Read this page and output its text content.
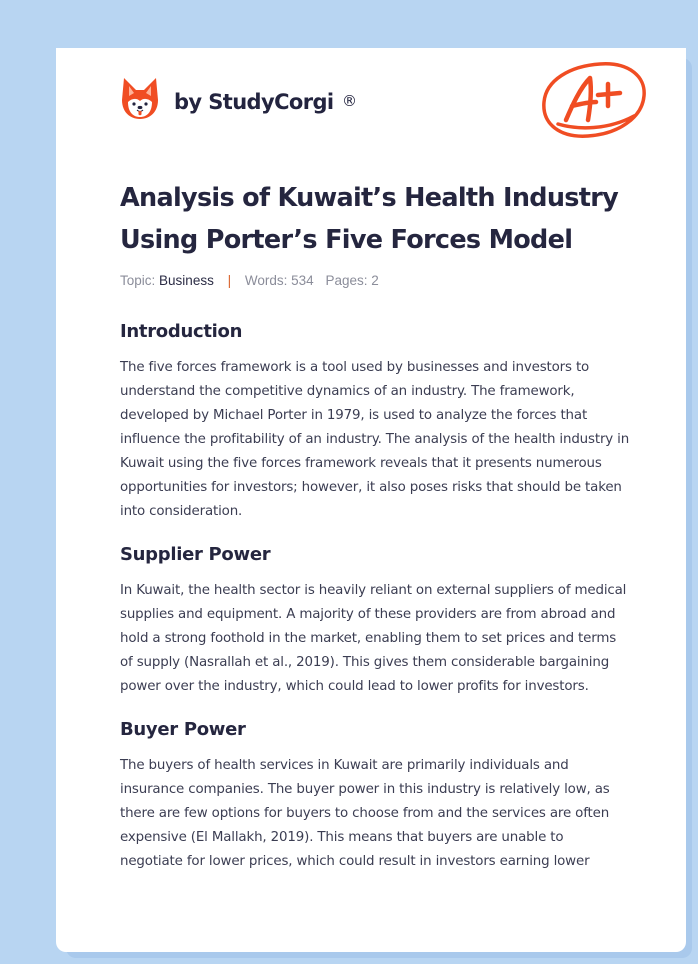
by StudyCorgi ®
Analysis of Kuwait’s Health Industry Using Porter’s Five Forces Model
Topic: Business | Words: 534 Pages: 2
Introduction

The five forces framework is a tool used by businesses and investors to understand the competitive dynamics of an industry. The framework, developed by Michael Porter in 1979, is used to analyze the forces that influence the profitability of an industry. The analysis of the health industry in Kuwait using the five forces framework reveals that it presents numerous opportunities for investors; however, it also poses risks that should be taken into consideration.

Supplier Power

In Kuwait, the health sector is heavily reliant on external suppliers of medical supplies and equipment. A majority of these providers are from abroad and hold a strong foothold in the market, enabling them to set prices and terms of supply (Nasrallah et al., 2019). This gives them considerable bargaining power over the industry, which could lead to lower profits for investors.

Buyer Power

The buyers of health services in Kuwait are primarily individuals and insurance companies. The buyer power in this industry is relatively low, as there are few options for buyers to choose from and the services are often expensive (El Mallakh, 2019). This means that buyers are unable to negotiate for lower prices, which could result in investors earning lower
